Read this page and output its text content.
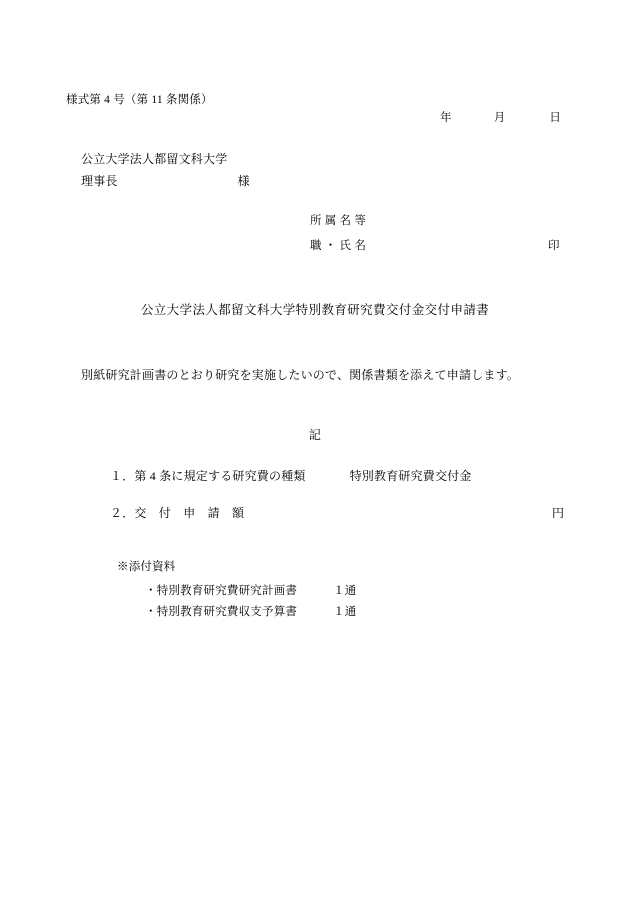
様式第 4 号（第 11 条関係）
年	月	日
公立大学法人都留文科大学
理事長	様
所 属 名 等
職 ・ 氏 名	印
公立大学法人都留文科大学特別教育研究費交付金交付申請書
別紙研究計画書のとおり研究を実施したいので、関係書類を添えて申請します。
記
１．第 4 条に規定する研究費の種類	特別教育研究費交付金
２．交　付　申　請　額	円
※添付資料
・特別教育研究費研究計画書	１通
・特別教育研究費収支予算書	１通
